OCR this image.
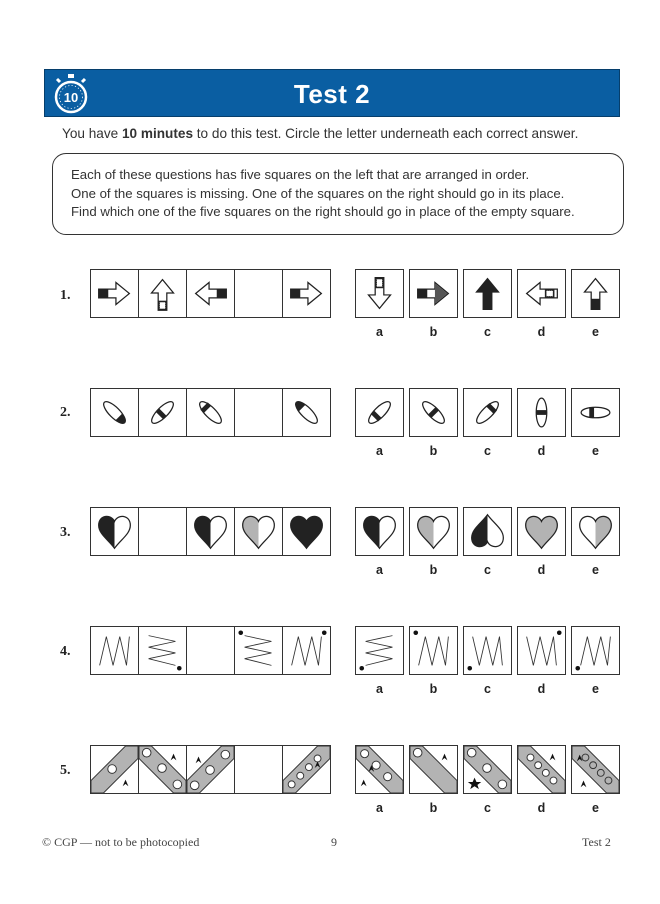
10	Test 2
You have 10 minutes to do this test. Circle the letter underneath each correct answer.
Each of these questions has five squares on the left that are arranged in order.
One of the squares is missing. One of the squares on the right should go in its place.
Find which one of the five squares on the right should go in place of the empty square.
1.
a	b	c	d	e
2.
a	b	c	d	e
3.
a	b	c	d	e
4.
a	b	c	d	e
5.
a	b	c	d	e
© CGP — not to be photocopied	9	Test 2
